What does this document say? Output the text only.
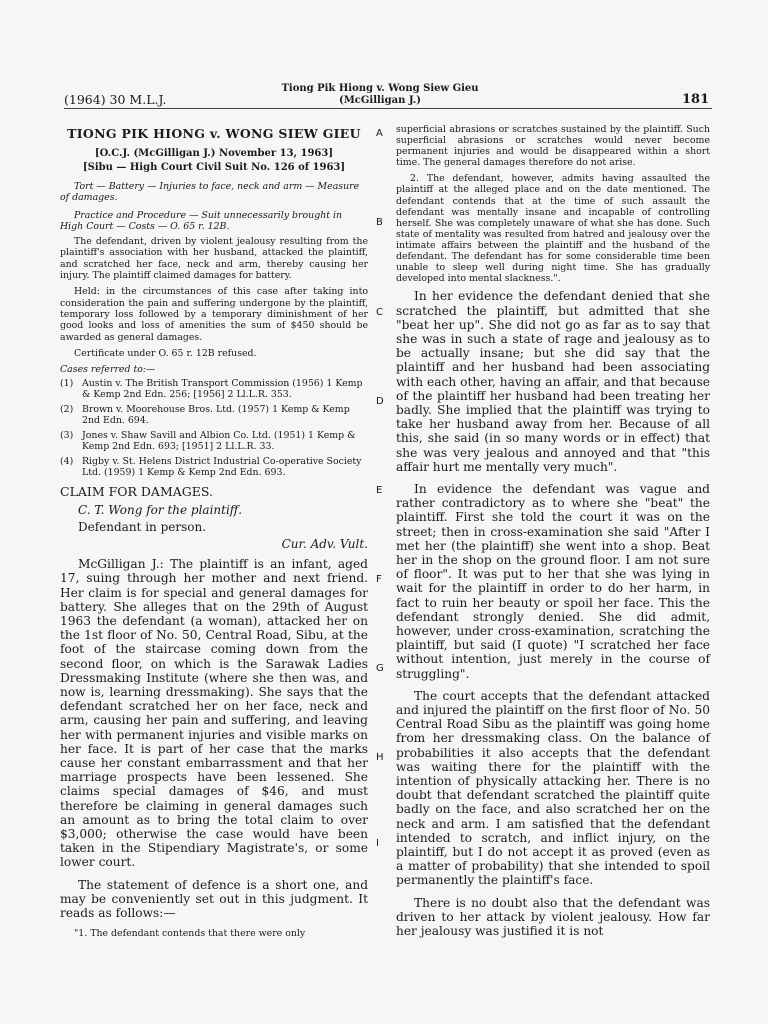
(1964) 30 M.L.J.
Tiong Pik Hiong v. Wong Siew Gieu
(McGilligan J.)	181
TIONG PIK HIONG v. WONG SIEW GIEU
[O.C.J. (McGilligan J.) November 13, 1963]
[Sibu — High Court Civil Suit No. 126 of 1963]
Tort — Battery — Injuries to face, neck and arm — Measure of damages.
Practice and Procedure — Suit unnecessarily brought in High Court — Costs — O. 65 r. 12B.

The defendant, driven by violent jealousy resulting from the plaintiff's association with her husband, attacked the plaintiff, and scratched her face, neck and arm, thereby causing her injury. The plaintiff claimed damages for battery.

Held: in the circumstances of this case after taking into consideration the pain and suffering undergone by the plaintiff, temporary loss followed by a temporary diminishment of her good looks and loss of amenities the sum of $450 should be awarded as general damages.

Certificate under O. 65 r. 12B refused.

Cases referred to:—
(1) Austin v. The British Transport Commission (1956) 1 Kemp & Kemp 2nd Edn. 256; [1956] 2 Ll.L.R. 353.
(2) Brown v. Moorehouse Bros. Ltd. (1957) 1 Kemp & Kemp 2nd Edn. 694.
(3) Jones v. Shaw Savill and Albion Co. Ltd. (1951) 1 Kemp & Kemp 2nd Edn. 693; [1951] 2 Ll.L.R. 33.
(4) Rigby v. St. Helens District Industrial Co-operative Society Ltd. (1959) 1 Kemp & Kemp 2nd Edn. 693.
CLAIM FOR DAMAGES.
C. T. Wong for the plaintiff.
Defendant in person.
Cur. Adv. Vult.

McGilligan J.: The plaintiff is an infant, aged 17, suing through her mother and next friend. Her claim is for special and general damages for battery. She alleges that on the 29th of August 1963 the defendant (a woman), attacked her on the 1st floor of No. 50, Central Road, Sibu, at the foot of the staircase coming down from the second floor, on which is the Sarawak Ladies Dressmaking Institute (where she then was, and now is, learning dressmaking). She says that the defendant scratched her on her face, neck and arm, causing her pain and suffering, and leaving her with permanent injuries and visible marks on her face. It is part of her case that the marks cause her constant embarrassment and that her marriage prospects have been lessened. She claims special damages of $46, and must therefore be claiming in general damages such an amount as to bring the total claim to over $3,000; otherwise the case would have been taken in the Stipendiary Magistrate's, or some lower court.

The statement of defence is a short one, and may be conveniently set out in this judgment. It reads as follows:—

"1. The defendant contends that there were only

A
B
C
D
E
F
G
H
I

superficial abrasions or scratches sustained by the plaintiff. Such superficial abrasions or scratches would never become permanent injuries and would be disappeared within a short time. The general damages therefore do not arise.

2. The defendant, however, admits having assaulted the plaintiff at the alleged place and on the date mentioned. The defendant contends that at the time of such assault the defendant was mentally insane and incapable of controlling herself. She was completely unaware of what she has done. Such state of mentality was resulted from hatred and jealousy over the intimate affairs between the plaintiff and the husband of the defendant. The defendant has for some considerable time been unable to sleep well during night time. She has gradually developed into mental slackness.".

In her evidence the defendant denied that she scratched the plaintiff, but admitted that she "beat her up". She did not go as far as to say that she was in such a state of rage and jealousy as to be actually insane; but she did say that the plaintiff and her husband had been associating with each other, having an affair, and that because of the plaintiff her husband had been treating her badly. She implied that the plaintiff was trying to take her husband away from her. Because of all this, she said (in so many words or in effect) that she was very jealous and annoyed and that "this affair hurt me mentally very much".

In evidence the defendant was vague and rather contradictory as to where she "beat" the plaintiff. First she told the court it was on the street; then in cross-examination she said "After I met her (the plaintiff) she went into a shop. Beat her in the shop on the ground floor. I am not sure of floor". It was put to her that she was lying in wait for the plaintiff in order to do her harm, in fact to ruin her beauty or spoil her face. This the defendant strongly denied. She did admit, however, under cross-examination, scratching the plaintiff, but said (I quote) "I scratched her face without intention, just merely in the course of struggling".

The court accepts that the defendant attacked and injured the plaintiff on the first floor of No. 50 Central Road Sibu as the plaintiff was going home from her dressmaking class. On the balance of probabilities it also accepts that the defendant was waiting there for the plaintiff with the intention of physically attacking her. There is no doubt that defendant scratched the plaintiff quite badly on the face, and also scratched her on the neck and arm. I am satisfied that the defendant intended to scratch, and inflict injury, on the plaintiff, but I do not accept it as proved (even as a matter of probability) that she intended to spoil permanently the plaintiff's face.

There is no doubt also that the defendant was driven to her attack by violent jealousy. How far her jealousy was justified it is not
